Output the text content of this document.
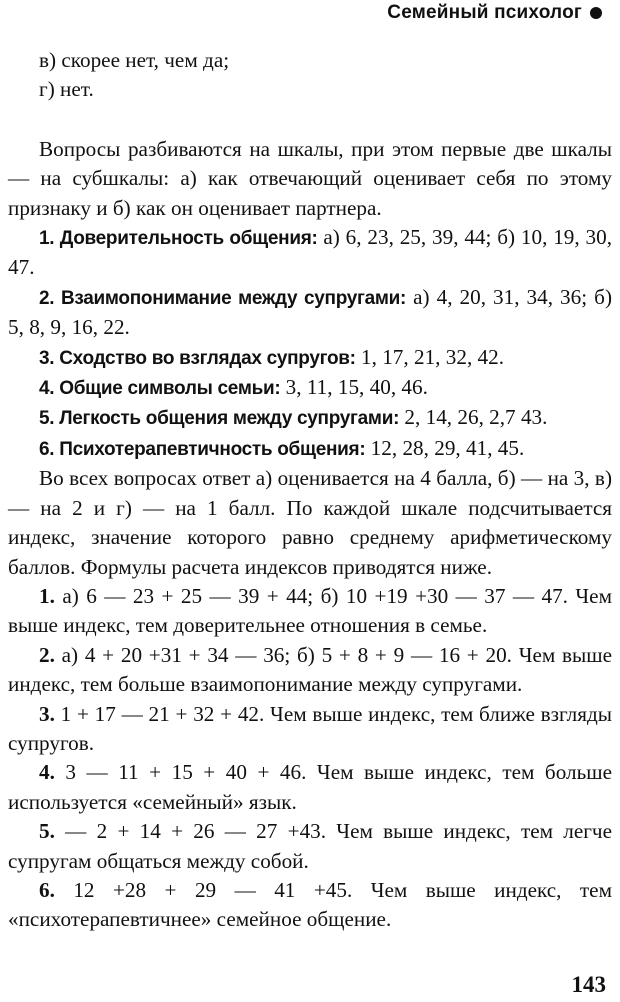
Семейный психолог

в) скорее нет, чем да;

г) нет.

Вопросы разбиваются на шкалы, при этом первые две шкалы— на субшкалы: а) как отвечающий оценивает себя по этому признаку и б) как он оценивает партнера.

1. Доверительность общения: а) 6, 23, 25, 39, 44; б) 10, 19, 30, 47.

2. Взаимопонимание между супругами: а) 4, 20, 31, 34, 36; б) 5, 8, 9, 16, 22.

3. Сходство во взглядах супругов: 1, 17, 21, 32, 42.

4. Общие символы семьи: 3, 11, 15, 40, 46.

5. Легкость общения между супругами: 2, 14, 26, 2,7 43.

6. Психотерапевтичность общения: 12, 28, 29, 41, 45.

Во всех вопросах ответ а) оценивается на 4 балла, б) — на 3, в) — на 2 и г) — на 1 балл. По каждой шкале подсчитывается индекс, значение которого равно среднему арифметическому баллов. Формулы расчета индексов приводятся ниже.

1. а) 6 — 23 + 25 — 39 + 44; б) 10 +19 +30 — 37 — 47. Чем выше индекс, тем доверительнее отношения в семье.

2. а) 4 + 20 +31 + 34 — 36; б) 5 + 8 + 9 — 16 + 20. Чем выше индекс, тем больше взаимопонимание между супругами.

3. 1 + 17 — 21 + 32 + 42. Чем выше индекс, тем ближе взгляды супругов.

4. 3 — 11 + 15 + 40 + 46. Чем выше индекс, тем больше используется «семейный» язык.

5. — 2 + 14 + 26 — 27 +43. Чем выше индекс, тем легче супругам общаться между собой.

6. 12 +28 + 29 — 41 +45. Чем выше индекс, тем «психотерапевтичнее» семейное общение.

143
